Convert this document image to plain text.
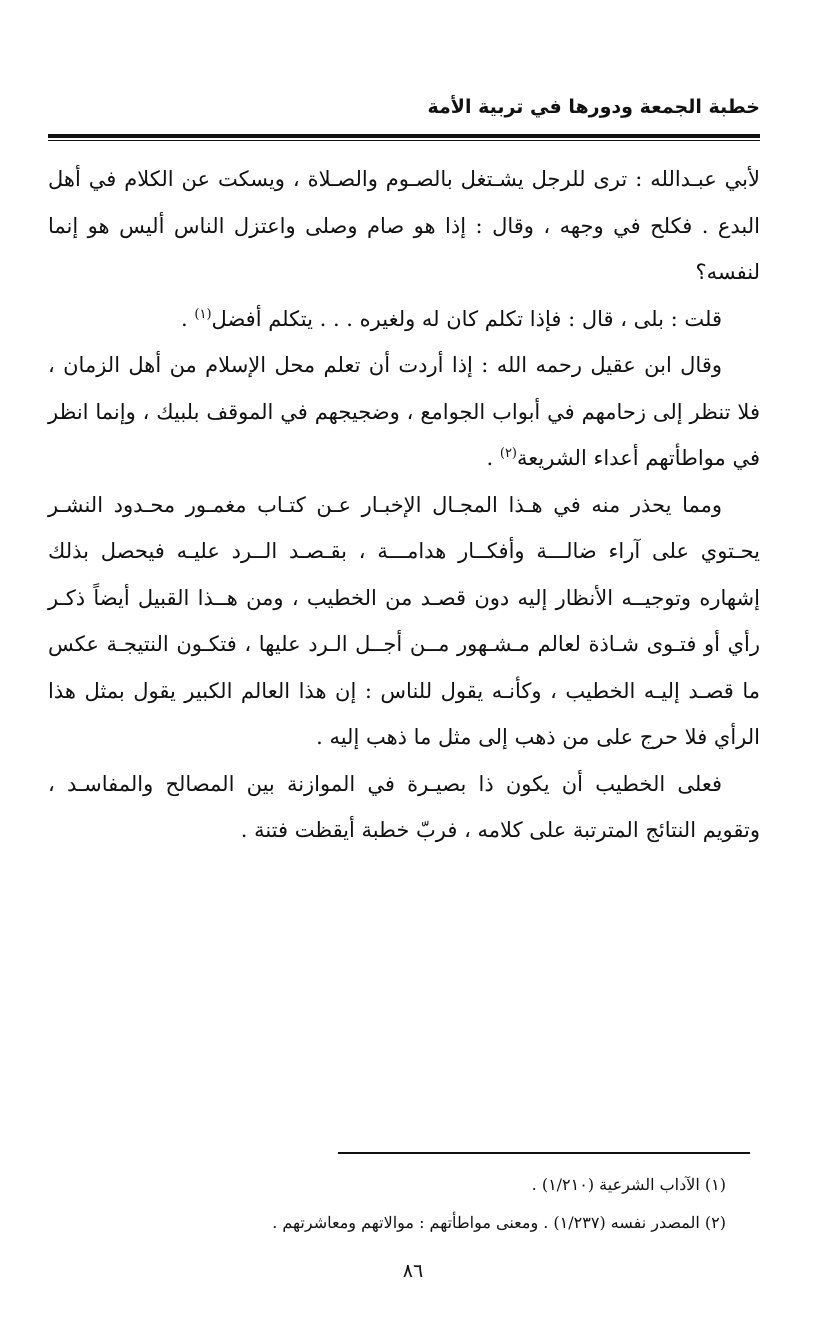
خطبة الجمعة ودورها في تربية الأمة

لأبي عبـدالله : ترى للرجل يشـتغل بالصـوم والصـلاة ، ويسكت عن الكلام في أهل البدع . فكلح في وجهه ، وقال : إذا هو صام وصلى واعتزل الناس أليس هو إنما لنفسه؟

قلت : بلى ، قال : فإذا تكلم كان له ولغيره . . . يتكلم أفضل$^{(١)}$ .

وقال ابن عقيل رحمه الله : إذا أردت أن تعلم محل الإسلام من أهل الزمان ، فلا تنظر إلى زحامهم في أبواب الجوامع ، وضجيجهم في الموقف بلبيك ، وإنما انظر في مواطأتهم أعداء الشريعة$^{(٢)}$ .

ومما يحذر منه في هـذا المجـال الإخبـار عـن كتـاب مغمـور محـدود النشـر يحـتوي على آراء ضالـــة وأفكــار هدامـــة ، بقـصـد الــرد عليـه فيحصل بذلك إشهاره وتوجيــه الأنظار إليه دون قصـد من الخطيب ، ومن هــذا القبيل أيضاً ذكـر رأي أو فتـوى شـاذة لعالم مـشـهور مــن أجــل الـرد عليها ، فتكـون النتيجـة عكس ما قصـد إليـه الخطيب ، وكأنـه يقول للناس : إن هذا العالم الكبير يقول بمثل هذا الرأي فلا حرج على من ذهب إلى مثل ما ذهب إليه .

فعلى الخطيب أن يكون ذا بصيـرة في الموازنة بين المصالح والمفاسـد ، وتقويم النتائج المترتبة على كلامه ، فربّ خطبة أيقظت فتنة .

(١) الآداب الشرعية (١/٢١٠) .
(٢) المصدر نفسه (١/٢٣٧) . ومعنى مواطأتهم : موالاتهم ومعاشرتهم .
٨٦
